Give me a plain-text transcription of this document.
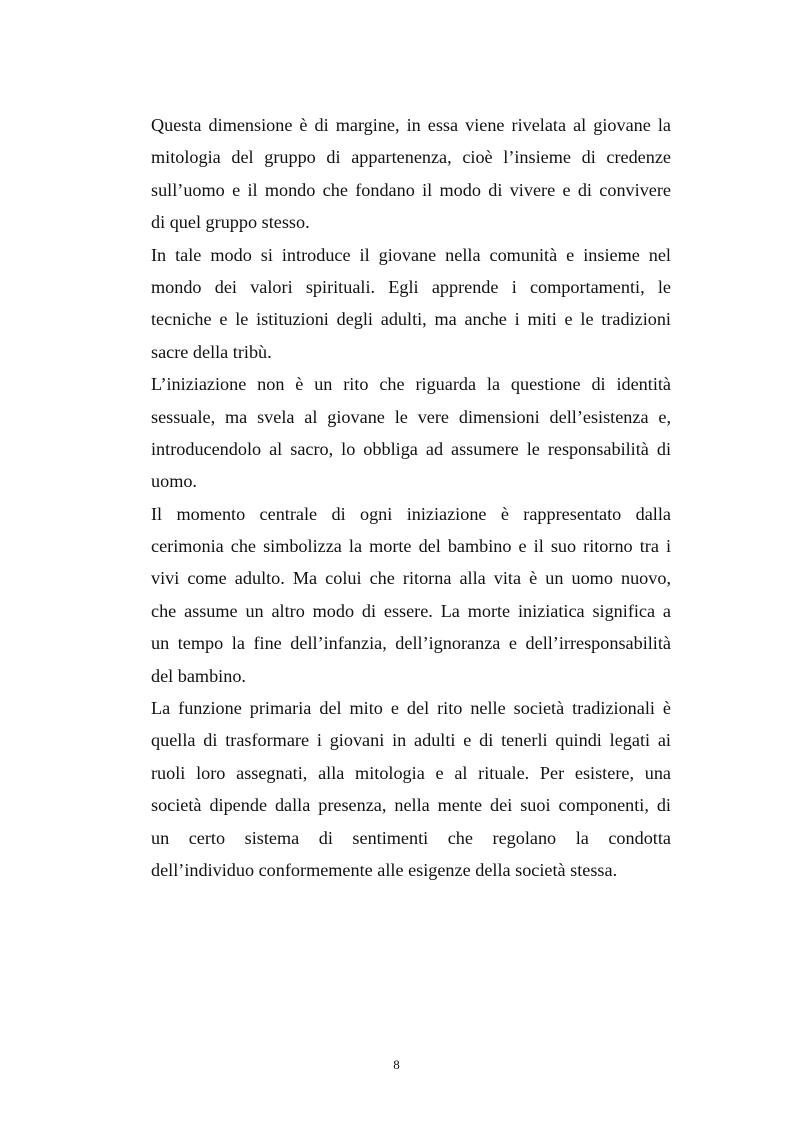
Questa dimensione è di margine, in essa viene rivelata al giovane la
mitologia del gruppo di appartenenza, cioè l’insieme di credenze
sull’uomo e il mondo che fondano il modo di vivere e di convivere
di quel gruppo stesso.
In tale modo si introduce il giovane nella comunità e insieme nel
mondo dei valori spirituali. Egli apprende i comportamenti, le
tecniche e le istituzioni degli adulti, ma anche i miti e le tradizioni
sacre della tribù.
L’iniziazione non è un rito che riguarda la questione di identità
sessuale, ma svela al giovane le vere dimensioni dell’esistenza e,
introducendolo al sacro, lo obbliga ad assumere le responsabilità di
uomo.
Il momento centrale di ogni iniziazione è rappresentato dalla
cerimonia che simbolizza la morte del bambino e il suo ritorno tra i
vivi come adulto. Ma colui che ritorna alla vita è un uomo nuovo,
che assume un altro modo di essere. La morte iniziatica significa a
un tempo la fine dell’infanzia, dell’ignoranza e dell’irresponsabilità
del bambino.
La funzione primaria del mito e del rito nelle società tradizionali è
quella di trasformare i giovani in adulti e di tenerli quindi legati ai
ruoli loro assegnati, alla mitologia e al rituale. Per esistere, una
società dipende dalla presenza, nella mente dei suoi componenti, di
un certo sistema di sentimenti che regolano la condotta
dell’individuo conformemente alle esigenze della società stessa.
8
